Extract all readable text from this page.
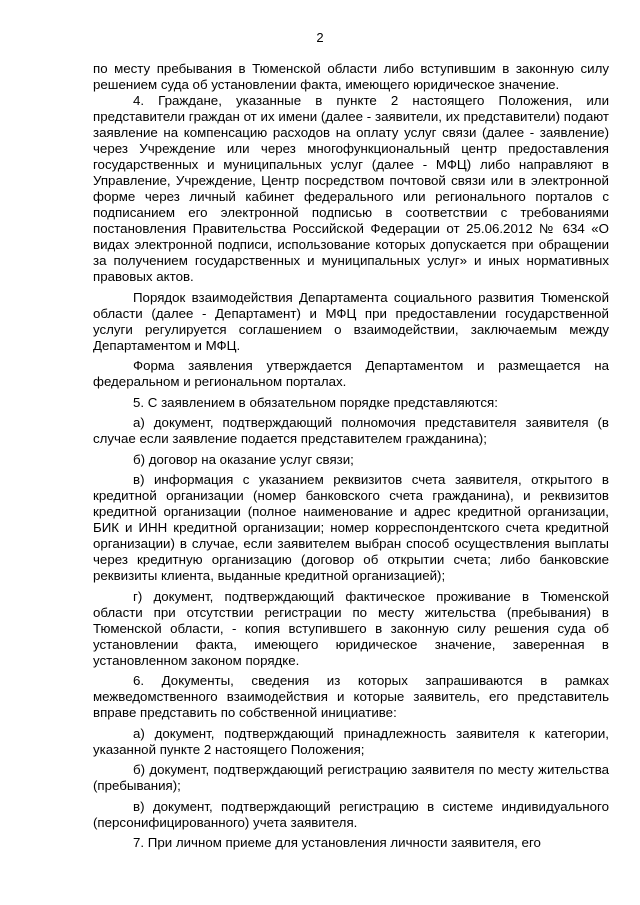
2

по месту пребывания в Тюменской области либо вступившим в законную силу решением суда об установлении факта, имеющего юридическое значение.

4. Граждане, указанные в пункте 2 настоящего Положения, или представители граждан от их имени (далее - заявители, их представители) подают заявление на компенсацию расходов на оплату услуг связи (далее - заявление) через Учреждение или через многофункциональный центр предоставления государственных и муниципальных услуг (далее - МФЦ) либо направляют в Управление, Учреждение, Центр посредством почтовой связи или в электронной форме через личный кабинет федерального или регионального порталов с подписанием его электронной подписью в соответствии с требованиями постановления Правительства Российской Федерации от 25.06.2012 № 634 «О видах электронной подписи, использование которых допускается при обращении за получением государственных и муниципальных услуг» и иных нормативных правовых актов.

Порядок взаимодействия Департамента социального развития Тюменской области (далее - Департамент) и МФЦ при предоставлении государственной услуги регулируется соглашением о взаимодействии, заключаемым между Департаментом и МФЦ.

Форма заявления утверждается Департаментом и размещается на федеральном и региональном порталах.

5. С заявлением в обязательном порядке представляются:

а) документ, подтверждающий полномочия представителя заявителя (в случае если заявление подается представителем гражданина);

б) договор на оказание услуг связи;

в) информация с указанием реквизитов счета заявителя, открытого в кредитной организации (номер банковского счета гражданина), и реквизитов кредитной организации (полное наименование и адрес кредитной организации, БИК и ИНН кредитной организации; номер корреспондентского счета кредитной организации) в случае, если заявителем выбран способ осуществления выплаты через кредитную организацию (договор об открытии счета; либо банковские реквизиты клиента, выданные кредитной организацией);

г) документ, подтверждающий фактическое проживание в Тюменской области при отсутствии регистрации по месту жительства (пребывания) в Тюменской области, - копия вступившего в законную силу решения суда об установлении факта, имеющего юридическое значение, заверенная в установленном законом порядке.

6. Документы, сведения из которых запрашиваются в рамках межведомственного взаимодействия и которые заявитель, его представитель вправе представить по собственной инициативе:

а) документ, подтверждающий принадлежность заявителя к категории, указанной пункте 2 настоящего Положения;

б) документ, подтверждающий регистрацию заявителя по месту жительства (пребывания);

в) документ, подтверждающий регистрацию в системе индивидуального (персонифицированного) учета заявителя.

7. При личном приеме для установления личности заявителя, его
